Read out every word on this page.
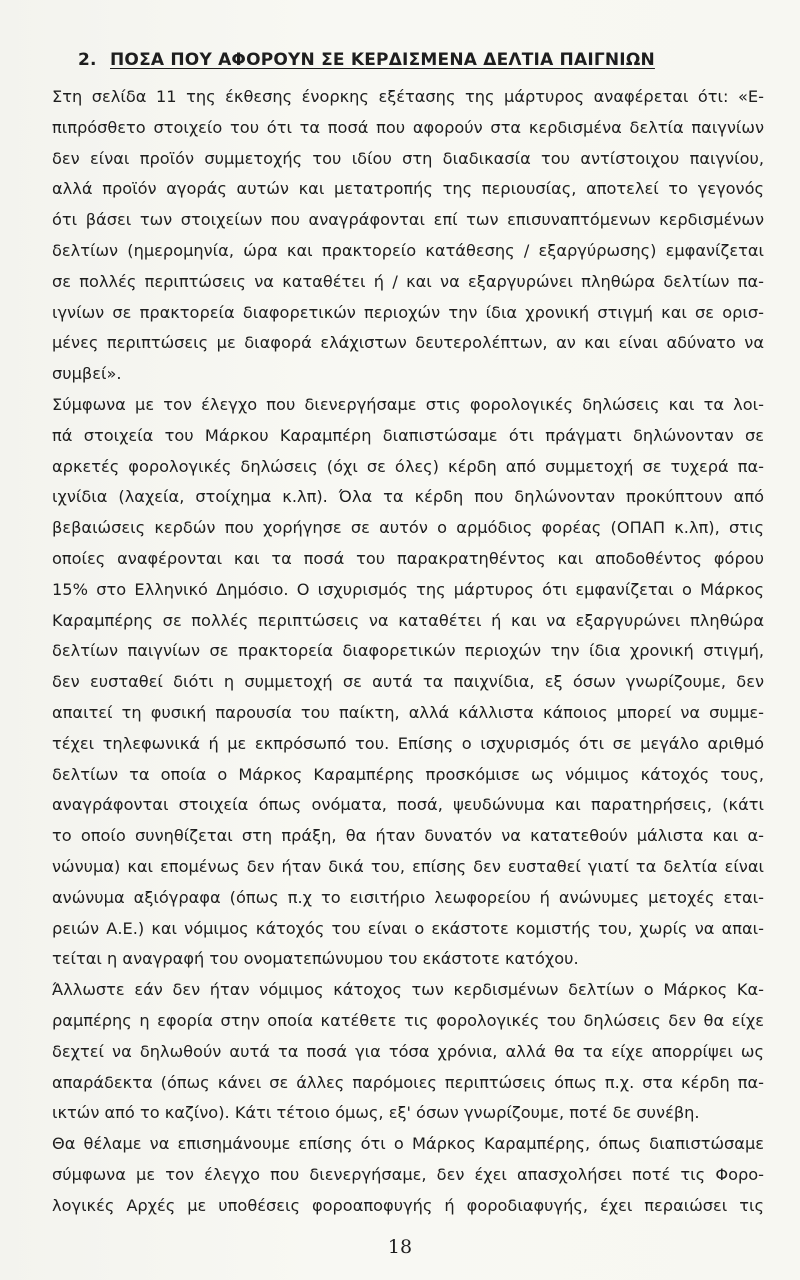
2. ΠΟΣΑ ΠΟΥ ΑΦΟΡΟΥΝ ΣΕ ΚΕΡΔΙΣΜΕΝΑ ΔΕΛΤΙΑ ΠΑΙΓΝΙΩΝ
Στη σελίδα 11 της έκθεσης ένορκης εξέτασης της μάρτυρος αναφέρεται ότι: «Ε-
πιπρόσθετο στοιχείο του ότι τα ποσά που αφορούν στα κερδισμένα δελτία παιγνίων
δεν είναι προϊόν συμμετοχής του ιδίου στη διαδικασία του αντίστοιχου παιγνίου,
αλλά προϊόν αγοράς αυτών και μετατροπής της περιουσίας, αποτελεί το γεγονός
ότι βάσει των στοιχείων που αναγράφονται επί των επισυναπτόμενων κερδισμένων
δελτίων (ημερομηνία, ώρα και πρακτορείο κατάθεσης / εξαργύρωσης) εμφανίζεται
σε πολλές περιπτώσεις να καταθέτει ή / και να εξαργυρώνει πληθώρα δελτίων πα-
ιγνίων σε πρακτορεία διαφορετικών περιοχών την ίδια χρονική στιγμή και σε ορισ-
μένες περιπτώσεις με διαφορά ελάχιστων δευτερολέπτων, αν και είναι αδύνατο να
συμβεί».
Σύμφωνα με τον έλεγχο που διενεργήσαμε στις φορολογικές δηλώσεις και τα λοι-
πά στοιχεία του Μάρκου Καραμπέρη διαπιστώσαμε ότι πράγματι δηλώνονταν σε
αρκετές φορολογικές δηλώσεις (όχι σε όλες) κέρδη από συμμετοχή σε τυχερά πα-
ιχνίδια (λαχεία, στοίχημα κ.λπ). Όλα τα κέρδη που δηλώνονταν προκύπτουν από
βεβαιώσεις κερδών που χορήγησε σε αυτόν ο αρμόδιος φορέας (ΟΠΑΠ κ.λπ), στις
οποίες αναφέρονται και τα ποσά του παρακρατηθέντος και αποδοθέντος φόρου
15% στο Ελληνικό Δημόσιο. Ο ισχυρισμός της μάρτυρος ότι εμφανίζεται ο Μάρκος
Καραμπέρης σε πολλές περιπτώσεις να καταθέτει ή και να εξαργυρώνει πληθώρα
δελτίων παιγνίων σε πρακτορεία διαφορετικών περιοχών την ίδια χρονική στιγμή,
δεν ευσταθεί διότι η συμμετοχή σε αυτά τα παιχνίδια, εξ όσων γνωρίζουμε, δεν
απαιτεί τη φυσική παρουσία του παίκτη, αλλά κάλλιστα κάποιος μπορεί να συμμε-
τέχει τηλεφωνικά ή με εκπρόσωπό του. Επίσης ο ισχυρισμός ότι σε μεγάλο αριθμό
δελτίων τα οποία ο Μάρκος Καραμπέρης προσκόμισε ως νόμιμος κάτοχός τους,
αναγράφονται στοιχεία όπως ονόματα, ποσά, ψευδώνυμα και παρατηρήσεις, (κάτι
το οποίο συνηθίζεται στη πράξη, θα ήταν δυνατόν να κατατεθούν μάλιστα και α-
νώνυμα) και επομένως δεν ήταν δικά του, επίσης δεν ευσταθεί γιατί τα δελτία είναι
ανώνυμα αξιόγραφα (όπως π.χ το εισιτήριο λεωφορείου ή ανώνυμες μετοχές εται-
ρειών Α.Ε.) και νόμιμος κάτοχός του είναι ο εκάστοτε κομιστής του, χωρίς να απαι-
τείται η αναγραφή του ονοματεπώνυμου του εκάστοτε κατόχου.
Άλλωστε εάν δεν ήταν νόμιμος κάτοχος των κερδισμένων δελτίων ο Μάρκος Κα-
ραμπέρης η εφορία στην οποία κατέθετε τις φορολογικές του δηλώσεις δεν θα είχε
δεχτεί να δηλωθούν αυτά τα ποσά για τόσα χρόνια, αλλά θα τα είχε απορρίψει ως
απαράδεκτα (όπως κάνει σε άλλες παρόμοιες περιπτώσεις όπως π.χ. στα κέρδη πα-
ικτών από το καζίνο). Κάτι τέτοιο όμως, εξ' όσων γνωρίζουμε, ποτέ δε συνέβη.
Θα θέλαμε να επισημάνουμε επίσης ότι ο Μάρκος Καραμπέρης, όπως διαπιστώσαμε
σύμφωνα με τον έλεγχο που διενεργήσαμε, δεν έχει απασχολήσει ποτέ τις Φορο-
λογικές Αρχές με υποθέσεις φοροαποφυγής ή φοροδιαφυγής, έχει περαιώσει τις
18
